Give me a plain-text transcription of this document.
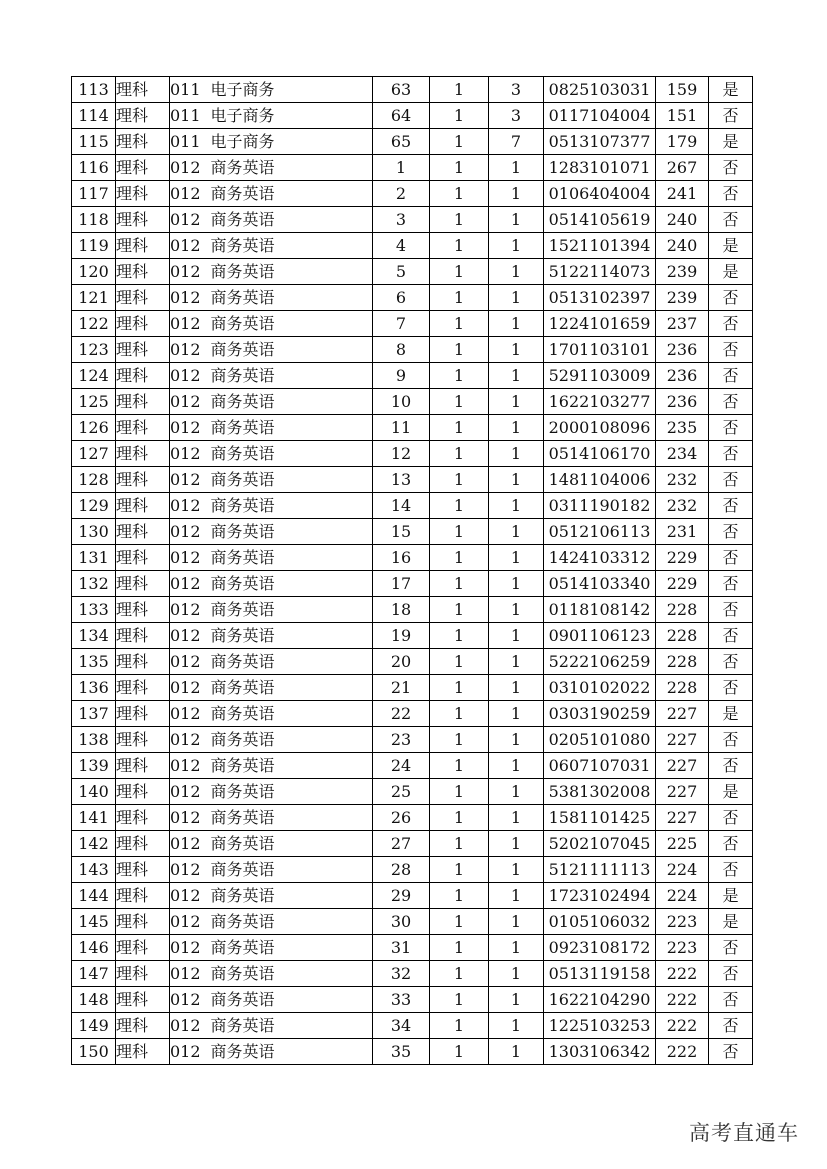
113	理科	011 电子商务	63	1	3	0825103031	159	是
114	理科	011 电子商务	64	1	3	0117104004	151	否
115	理科	011 电子商务	65	1	7	0513107377	179	是
116	理科	012 商务英语	1	1	1	1283101071	267	否
117	理科	012 商务英语	2	1	1	0106404004	241	否
118	理科	012 商务英语	3	1	1	0514105619	240	否
119	理科	012 商务英语	4	1	1	1521101394	240	是
120	理科	012 商务英语	5	1	1	5122114073	239	是
121	理科	012 商务英语	6	1	1	0513102397	239	否
122	理科	012 商务英语	7	1	1	1224101659	237	否
123	理科	012 商务英语	8	1	1	1701103101	236	否
124	理科	012 商务英语	9	1	1	5291103009	236	否
125	理科	012 商务英语	10	1	1	1622103277	236	否
126	理科	012 商务英语	11	1	1	2000108096	235	否
127	理科	012 商务英语	12	1	1	0514106170	234	否
128	理科	012 商务英语	13	1	1	1481104006	232	否
129	理科	012 商务英语	14	1	1	0311190182	232	否
130	理科	012 商务英语	15	1	1	0512106113	231	否
131	理科	012 商务英语	16	1	1	1424103312	229	否
132	理科	012 商务英语	17	1	1	0514103340	229	否
133	理科	012 商务英语	18	1	1	0118108142	228	否
134	理科	012 商务英语	19	1	1	0901106123	228	否
135	理科	012 商务英语	20	1	1	5222106259	228	否
136	理科	012 商务英语	21	1	1	0310102022	228	否
137	理科	012 商务英语	22	1	1	0303190259	227	是
138	理科	012 商务英语	23	1	1	0205101080	227	否
139	理科	012 商务英语	24	1	1	0607107031	227	否
140	理科	012 商务英语	25	1	1	5381302008	227	是
141	理科	012 商务英语	26	1	1	1581101425	227	否
142	理科	012 商务英语	27	1	1	5202107045	225	否
143	理科	012 商务英语	28	1	1	5121111113	224	否
144	理科	012 商务英语	29	1	1	1723102494	224	是
145	理科	012 商务英语	30	1	1	0105106032	223	是
146	理科	012 商务英语	31	1	1	0923108172	223	否
147	理科	012 商务英语	32	1	1	0513119158	222	否
148	理科	012 商务英语	33	1	1	1622104290	222	否
149	理科	012 商务英语	34	1	1	1225103253	222	否
150	理科	012 商务英语	35	1	1	1303106342	222	否
高考直通车
